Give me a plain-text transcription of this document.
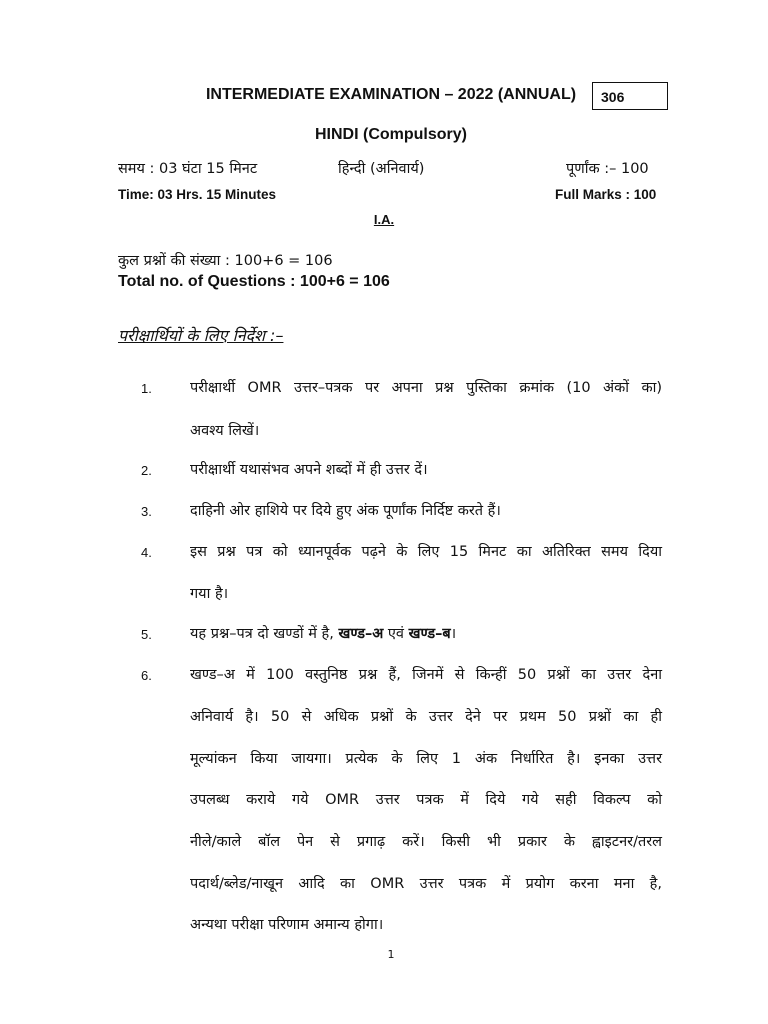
INTERMEDIATE EXAMINATION – 2022 (ANNUAL)	306
HINDI (Compulsory)
समय : 03 घंटा 15 मिनट	हिन्दी (अनिवार्य)	पूर्णांक :– 100
Time: 03 Hrs. 15 Minutes	Full Marks : 100
I.A.
कुल प्रश्नों की संख्या : 100+6 = 106
Total no. of Questions : 100+6 = 106
परीक्षार्थियों के लिए निर्देश :–
1.	परीक्षार्थी OMR उत्तर–पत्रक पर अपना प्रश्न पुस्तिका क्रमांक (10 अंकों का)
अवश्य लिखें।
2.	परीक्षार्थी यथासंभव अपने शब्दों में ही उत्तर दें।
3.	दाहिनी ओर हाशिये पर दिये हुए अंक पूर्णांक निर्दिष्ट करते हैं।
4.	इस प्रश्न पत्र को ध्यानपूर्वक पढ़ने के लिए 15 मिनट का अतिरिक्त समय दिया
गया है।
5.	यह प्रश्न–पत्र दो खण्डों में है, खण्ड–अ एवं खण्ड–ब।
6.	खण्ड–अ में 100 वस्तुनिष्ठ प्रश्न हैं, जिनमें से किन्हीं 50 प्रश्नों का उत्तर देना
अनिवार्य है। 50 से अधिक प्रश्नों के उत्तर देने पर प्रथम 50 प्रश्नों का ही
मूल्यांकन किया जायगा। प्रत्येक के लिए 1 अंक निर्धारित है। इनका उत्तर
उपलब्ध कराये गये OMR उत्तर पत्रक में दिये गये सही विकल्प को
नीले/काले बॉल पेन से प्रगाढ़ करें। किसी भी प्रकार के ह्वाइटनर/तरल
पदार्थ/ब्लेड/नाखून आदि का OMR उत्तर पत्रक में प्रयोग करना मना है,
अन्यथा परीक्षा परिणाम अमान्य होगा।
1
